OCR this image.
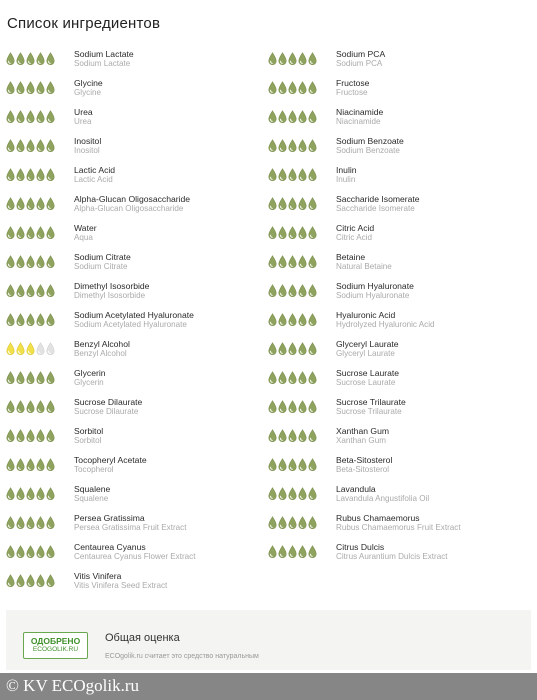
Список ингредиентов
Sodium Lactate
Sodium Lactate
Glycine
Glycine
Urea
Urea
Inositol
Inositol
Lactic Acid
Lactic Acid
Alpha-Glucan Oligosaccharide
Alpha-Glucan Oligosaccharide
Water
Aqua
Sodium Citrate
Sodium Citrate
Dimethyl Isosorbide
Dimethyl Isosorbide
Sodium Acetylated Hyaluronate
Sodium Acetylated Hyaluronate
Benzyl Alcohol
Benzyl Alcohol
Glycerin
Glycerin
Sucrose Dilaurate
Sucrose Dilaurate
Sorbitol
Sorbitol
Tocopheryl Acetate
Tocopherol
Squalene
Squalene
Persea Gratissima
Persea Gratissima Fruit Extract
Centaurea Cyanus
Centaurea Cyanus Flower Extract
Vitis Vinifera
Vitis Vinifera Seed Extract
Sodium PCA
Sodium PCA
Fructose
Fructose
Niacinamide
Niacinamide
Sodium Benzoate
Sodium Benzoate
Inulin
Inulin
Saccharide Isomerate
Saccharide Isomerate
Citric Acid
Citric Acid
Betaine
Natural Betaine
Sodium Hyaluronate
Sodium Hyaluronate
Hyaluronic Acid
Hydrolyzed Hyaluronic Acid
Glyceryl Laurate
Glyceryl Laurate
Sucrose Laurate
Sucrose Laurate
Sucrose Trilaurate
Sucrose Trilaurate
Xanthan Gum
Xanthan Gum
Beta-Sitosterol
Beta-Sitosterol
Lavandula
Lavandula Angustifolia Oil
Rubus Chamaemorus
Rubus Chamaemorus Fruit Extract
Citrus Dulcis
Citrus Aurantium Dulcis Extract
ОДОБРЕНО
ECOGOLIK.RU
Общая оценка
ECOgolik.ru считает это средство натуральным
© KV ECOgolik.ru
